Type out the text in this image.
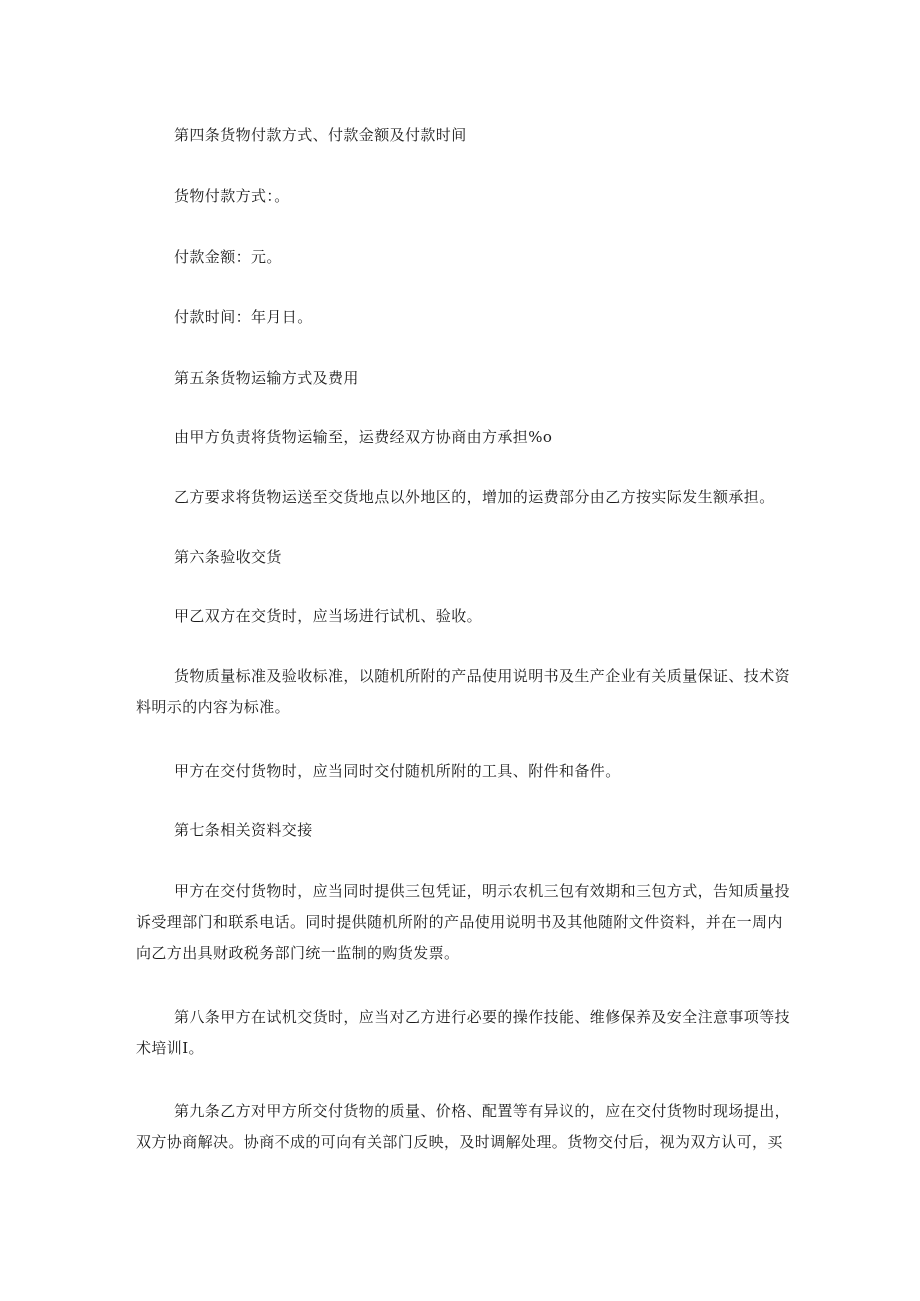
第四条货物付款方式、付款金额及付款时间

货物付款方式：。

付款金额：元。

付款时间：年月日。

第五条货物运输方式及费用

由甲方负责将货物运输至，运费经双方协商由方承担%o

乙方要求将货物运送至交货地点以外地区的，增加的运费部分由乙方按实际发生额承担。

第六条验收交货

甲乙双方在交货时，应当场进行试机、验收。

货物质量标准及验收标准，以随机所附的产品使用说明书及生产企业有关质量保证、技术资料明示的内容为标准。

甲方在交付货物时，应当同时交付随机所附的工具、附件和备件。

第七条相关资料交接

甲方在交付货物时，应当同时提供三包凭证，明示农机三包有效期和三包方式，告知质量投诉受理部门和联系电话。同时提供随机所附的产品使用说明书及其他随附文件资料，并在一周内向乙方出具财政税务部门统一监制的购货发票。

第八条甲方在试机交货时，应当对乙方进行必要的操作技能、维修保养及安全注意事项等技术培训I。

第九条乙方对甲方所交付货物的质量、价格、配置等有异议的，应在交付货物时现场提出，双方协商解决。协商不成的可向有关部门反映，及时调解处理。货物交付后，视为双方认可，买
